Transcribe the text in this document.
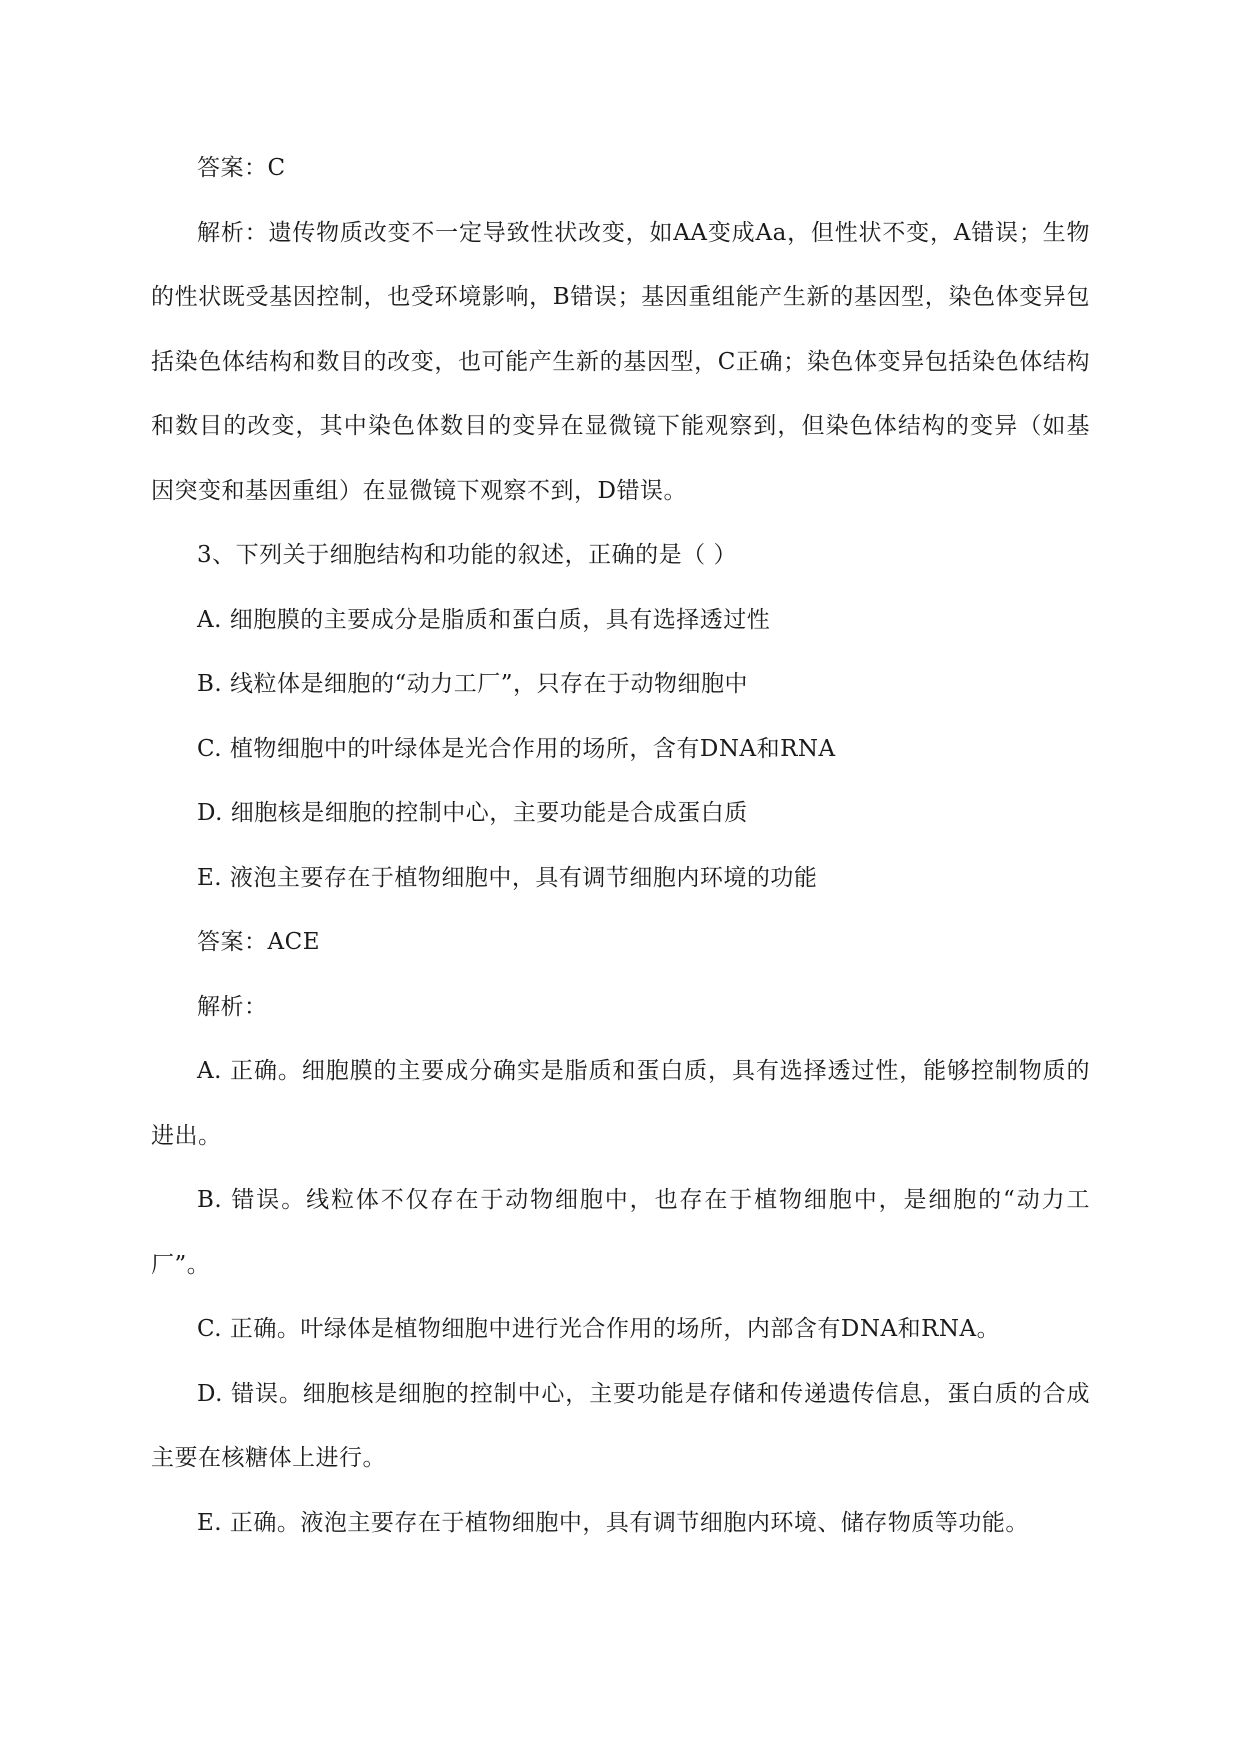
答案：C

解析：遗传物质改变不一定导致性状改变，如AA变成Aa，但性状不变，A错误；生物的性状既受基因控制，也受环境影响，B错误；基因重组能产生新的基因型，染色体变异包括染色体结构和数目的改变，也可能产生新的基因型，C正确；染色体变异包括染色体结构和数目的改变，其中染色体数目的变异在显微镜下能观察到，但染色体结构的变异（如基因突变和基因重组）在显微镜下观察不到，D错误。

3、下列关于细胞结构和功能的叙述，正确的是（ ）

A. 细胞膜的主要成分是脂质和蛋白质，具有选择透过性

B. 线粒体是细胞的“动力工厂”，只存在于动物细胞中

C. 植物细胞中的叶绿体是光合作用的场所，含有DNA和RNA

D. 细胞核是细胞的控制中心，主要功能是合成蛋白质

E. 液泡主要存在于植物细胞中，具有调节细胞内环境的功能

答案：ACE

解析：

A. 正确。细胞膜的主要成分确实是脂质和蛋白质，具有选择透过性，能够控制物质的进出。

B. 错误。线粒体不仅存在于动物细胞中，也存在于植物细胞中，是细胞的“动力工厂”。

C. 正确。叶绿体是植物细胞中进行光合作用的场所，内部含有DNA和RNA。

D. 错误。细胞核是细胞的控制中心，主要功能是存储和传递遗传信息，蛋白质的合成主要在核糖体上进行。

E. 正确。液泡主要存在于植物细胞中，具有调节细胞内环境、储存物质等功能。
